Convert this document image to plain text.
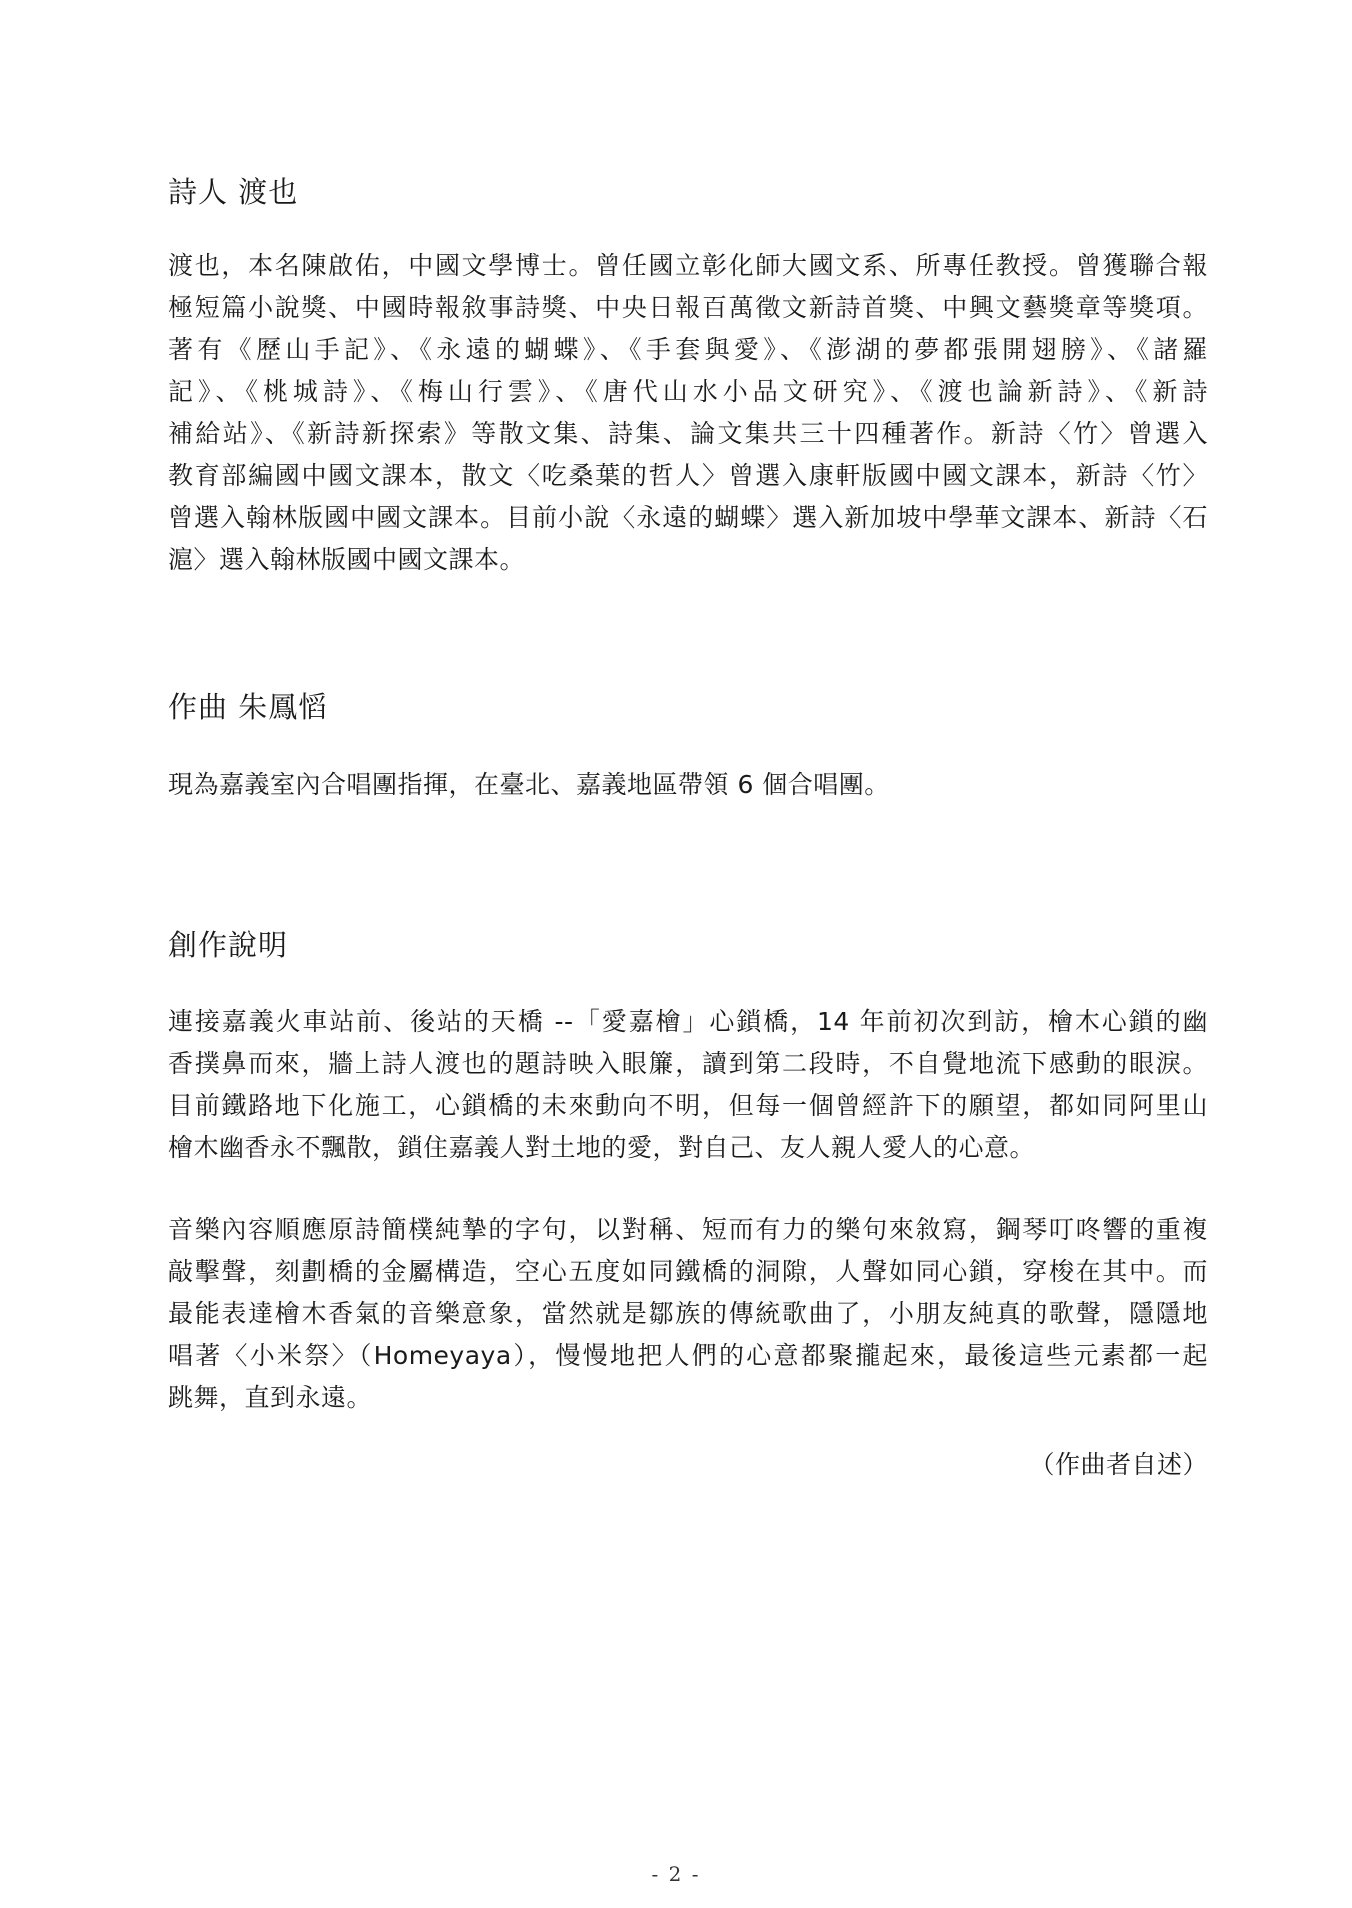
詩人 渡也
渡也，本名陳啟佑，中國文學博士。曾任國立彰化師大國文系、所專任教授。曾獲聯合報
極短篇小說獎、中國時報敘事詩獎、中央日報百萬徵文新詩首獎、中興文藝獎章等獎項。
著有《歷山手記》、《永遠的蝴蝶》、《手套與愛》、《澎湖的夢都張開翅膀》、《諸羅
記》、《桃城詩》、《梅山行雲》、《唐代山水小品文研究》、《渡也論新詩》、《新詩
補給站》、《新詩新探索》等散文集、詩集、論文集共三十四種著作。新詩〈竹〉曾選入
教育部編國中國文課本，散文〈吃桑葉的哲人〉曾選入康軒版國中國文課本，新詩〈竹〉
曾選入翰林版國中國文課本。目前小說〈永遠的蝴蝶〉選入新加坡中學華文課本、新詩〈石
滬〉選入翰林版國中國文課本。
作曲 朱鳳慆
現為嘉義室內合唱團指揮，在臺北、嘉義地區帶領 6 個合唱團。
創作說明
連接嘉義火車站前、後站的天橋 --「愛嘉檜」心鎖橋，14 年前初次到訪，檜木心鎖的幽
香撲鼻而來，牆上詩人渡也的題詩映入眼簾，讀到第二段時，不自覺地流下感動的眼淚。
目前鐵路地下化施工，心鎖橋的未來動向不明，但每一個曾經許下的願望，都如同阿里山
檜木幽香永不飄散，鎖住嘉義人對土地的愛，對自己、友人親人愛人的心意。
音樂內容順應原詩簡樸純摯的字句，以對稱、短而有力的樂句來敘寫，鋼琴叮咚響的重複
敲擊聲，刻劃橋的金屬構造，空心五度如同鐵橋的洞隙，人聲如同心鎖，穿梭在其中。而
最能表達檜木香氣的音樂意象，當然就是鄒族的傳統歌曲了，小朋友純真的歌聲，隱隱地
唱著〈小米祭〉（Homeyaya），慢慢地把人們的心意都聚攏起來，最後這些元素都一起
跳舞，直到永遠。

（作曲者自述）

- 2 -
